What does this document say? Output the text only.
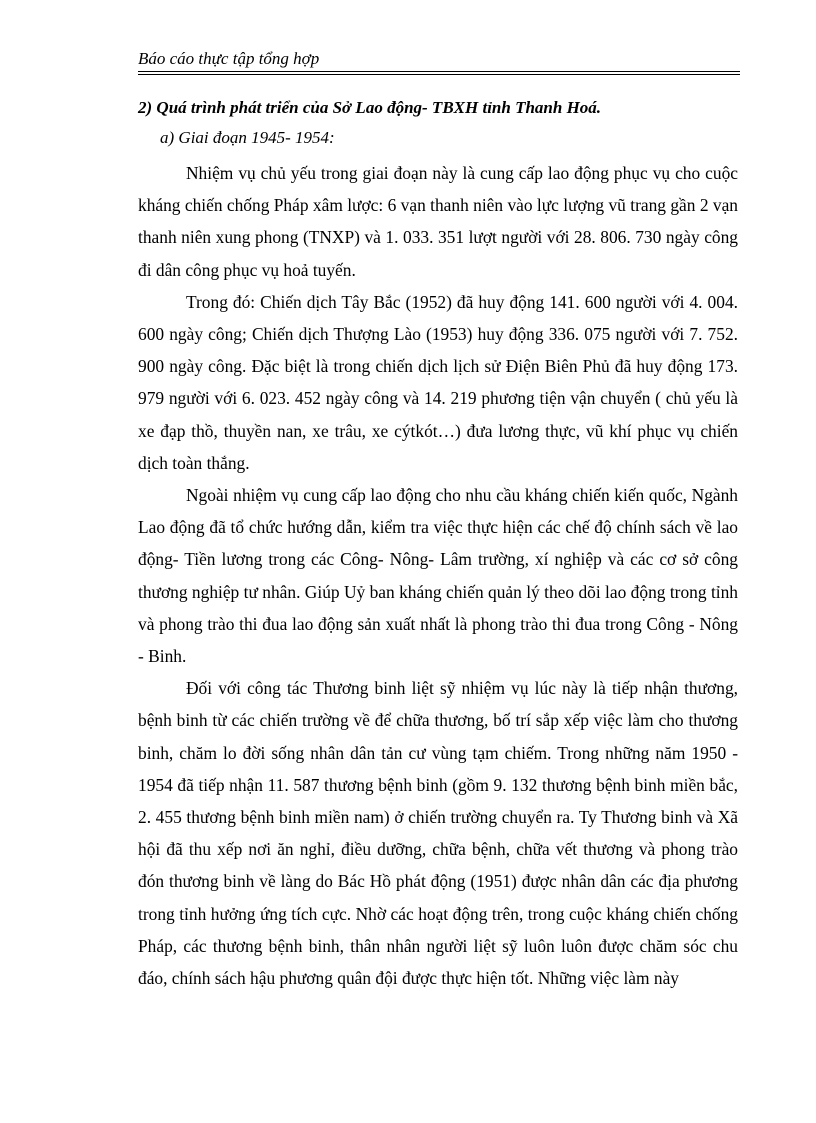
Báo cáo thực tập tổng hợp
2) Quá trình phát triển của Sở Lao động- TBXH tỉnh Thanh Hoá.
a) Giai đoạn 1945- 1954:

Nhiệm vụ chủ yếu trong giai đoạn này là cung cấp lao động phục vụ cho cuộc kháng chiến chống Pháp xâm lược: 6 vạn thanh niên vào lực lượng vũ trang gần 2 vạn thanh niên xung phong (TNXP) và 1. 033. 351 lượt người với 28. 806. 730 ngày công đi dân công phục vụ hoả tuyến.

Trong đó: Chiến dịch Tây Bắc (1952) đã huy động 141. 600 người với 4. 004. 600 ngày công; Chiến dịch Thượng Lào (1953) huy động 336. 075 người với 7. 752. 900 ngày công. Đặc biệt là trong chiến dịch lịch sử Điện Biên Phủ đã huy động 173. 979 người với 6. 023. 452 ngày công và 14. 219 phương tiện vận chuyển ( chủ yếu là xe đạp thồ, thuyền nan, xe trâu, xe cýtkót…) đưa lương thực, vũ khí phục vụ chiến dịch toàn thắng.

Ngoài nhiệm vụ cung cấp lao động cho nhu cầu kháng chiến kiến quốc, Ngành Lao động đã tổ chức hướng dẫn, kiểm tra việc thực hiện các chế độ chính sách về lao động- Tiền lương trong các Công- Nông- Lâm trường, xí nghiệp và các cơ sở công thương nghiệp tư nhân. Giúp Uỷ ban kháng chiến quản lý theo dõi lao động trong tỉnh và phong trào thi đua lao động sản xuất nhất là phong trào thi đua trong Công - Nông - Binh.

Đối với công tác Thương binh liệt sỹ nhiệm vụ lúc này là tiếp nhận thương, bệnh binh từ các chiến trường về để chữa thương, bố trí sắp xếp việc làm cho thương binh, chăm lo đời sống nhân dân tản cư vùng tạm chiếm. Trong những năm 1950 - 1954 đã tiếp nhận 11. 587 thương bệnh binh (gồm 9. 132 thương bệnh binh miền bắc, 2. 455 thương bệnh binh miền nam) ở chiến trường chuyển ra. Ty Thương binh và Xã hội đã thu xếp nơi ăn nghỉ, điều dưỡng, chữa bệnh, chữa vết thương và phong trào đón thương binh về làng do Bác Hồ phát động (1951) được nhân dân các địa phương trong tỉnh hưởng ứng tích cực. Nhờ các hoạt động trên, trong cuộc kháng chiến chống Pháp, các thương bệnh binh, thân nhân người liệt sỹ luôn luôn được chăm sóc chu đáo, chính sách hậu phương quân đội được thực hiện tốt. Những việc làm này
